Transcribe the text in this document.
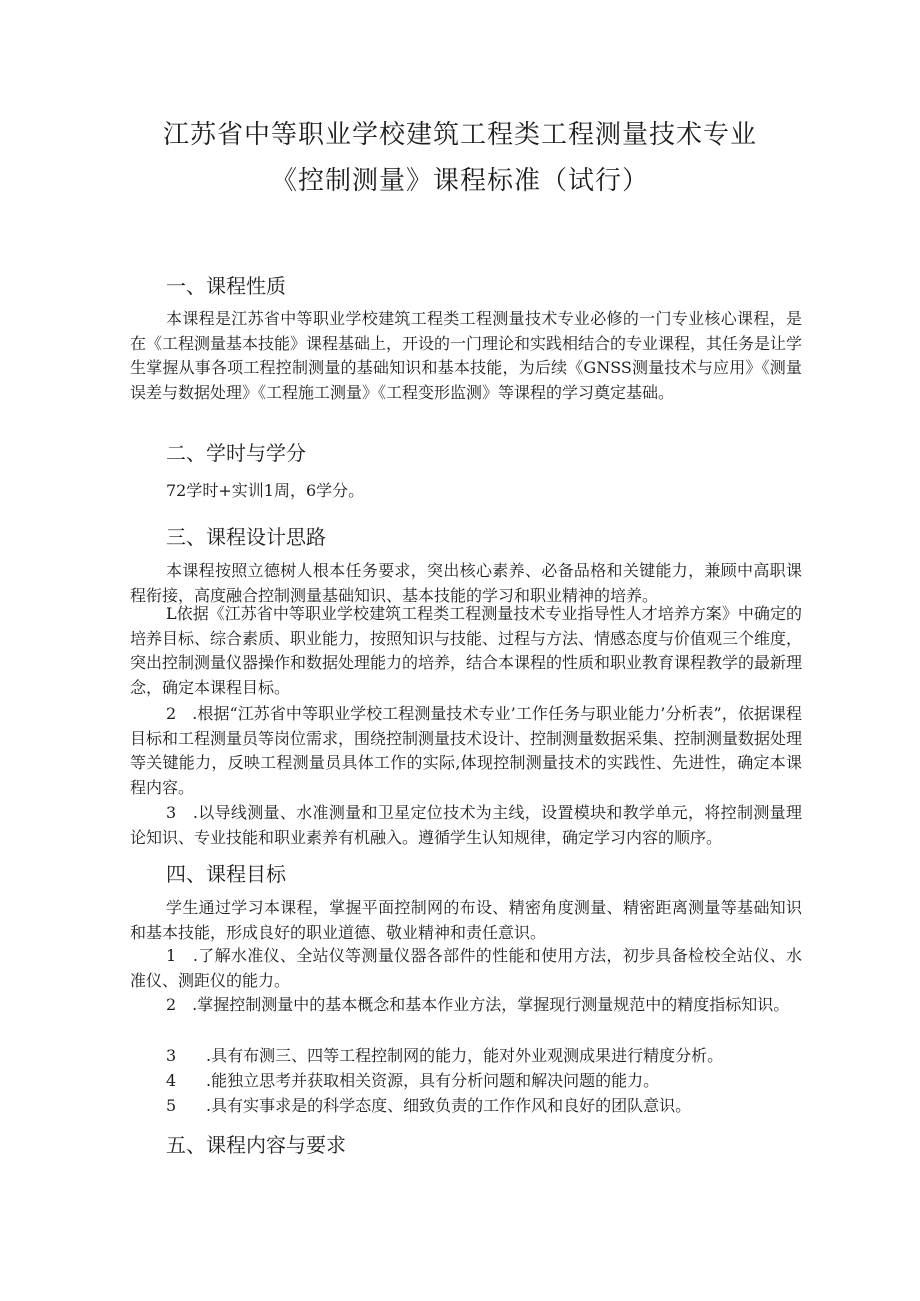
江苏省中等职业学校建筑工程类工程测量技术专业
《控制测量》课程标准（试行）
一、课程性质

本课程是江苏省中等职业学校建筑工程类工程测量技术专业必修的一门专业核心课程，是在《工程测量基本技能》课程基础上，开设的一门理论和实践相结合的专业课程，其任务是让学生掌握从事各项工程控制测量的基础知识和基本技能，为后续《GNSS测量技术与应用》《测量误差与数据处理》《工程施工测量》《工程变形监测》等课程的学习奠定基础。

二、学时与学分

72学时+实训1周，6学分。

三、课程设计思路

本课程按照立德树人根本任务要求，突出核心素养、必备品格和关键能力，兼顾中高职课程衔接，高度融合控制测量基础知识、基本技能的学习和职业精神的培养。

L依据《江苏省中等职业学校建筑工程类工程测量技术专业指导性人才培养方案》中确定的培养目标、综合素质、职业能力，按照知识与技能、过程与方法、情感态度与价值观三个维度，突出控制测量仪器操作和数据处理能力的培养，结合本课程的性质和职业教育课程教学的最新理念，确定本课程目标。

2　.根据“江苏省中等职业学校工程测量技术专业’工作任务与职业能力’分析表”，依据课程目标和工程测量员等岗位需求，围绕控制测量技术设计、控制测量数据采集、控制测量数据处理等关键能力，反映工程测量员具体工作的实际,体现控制测量技术的实践性、先进性，确定本课程内容。

3　.以导线测量、水准测量和卫星定位技术为主线，设置模块和教学单元，将控制测量理论知识、专业技能和职业素养有机融入。遵循学生认知规律，确定学习内容的顺序。

四、课程目标

学生通过学习本课程，掌握平面控制网的布设、精密角度测量、精密距离测量等基础知识和基本技能，形成良好的职业道德、敬业精神和责任意识。

1　.了解水准仪、全站仪等测量仪器各部件的性能和使用方法，初步具备检校全站仪、水准仪、测距仪的能力。

2　.掌握控制测量中的基本概念和基本作业方法，掌握现行测量规范中的精度指标知识。

3 .具有布测三、四等工程控制网的能力，能对外业观测成果进行精度分析。

4 .能独立思考并获取相关资源，具有分析问题和解决问题的能力。

5 .具有实事求是的科学态度、细致负责的工作作风和良好的团队意识。

五、课程内容与要求
